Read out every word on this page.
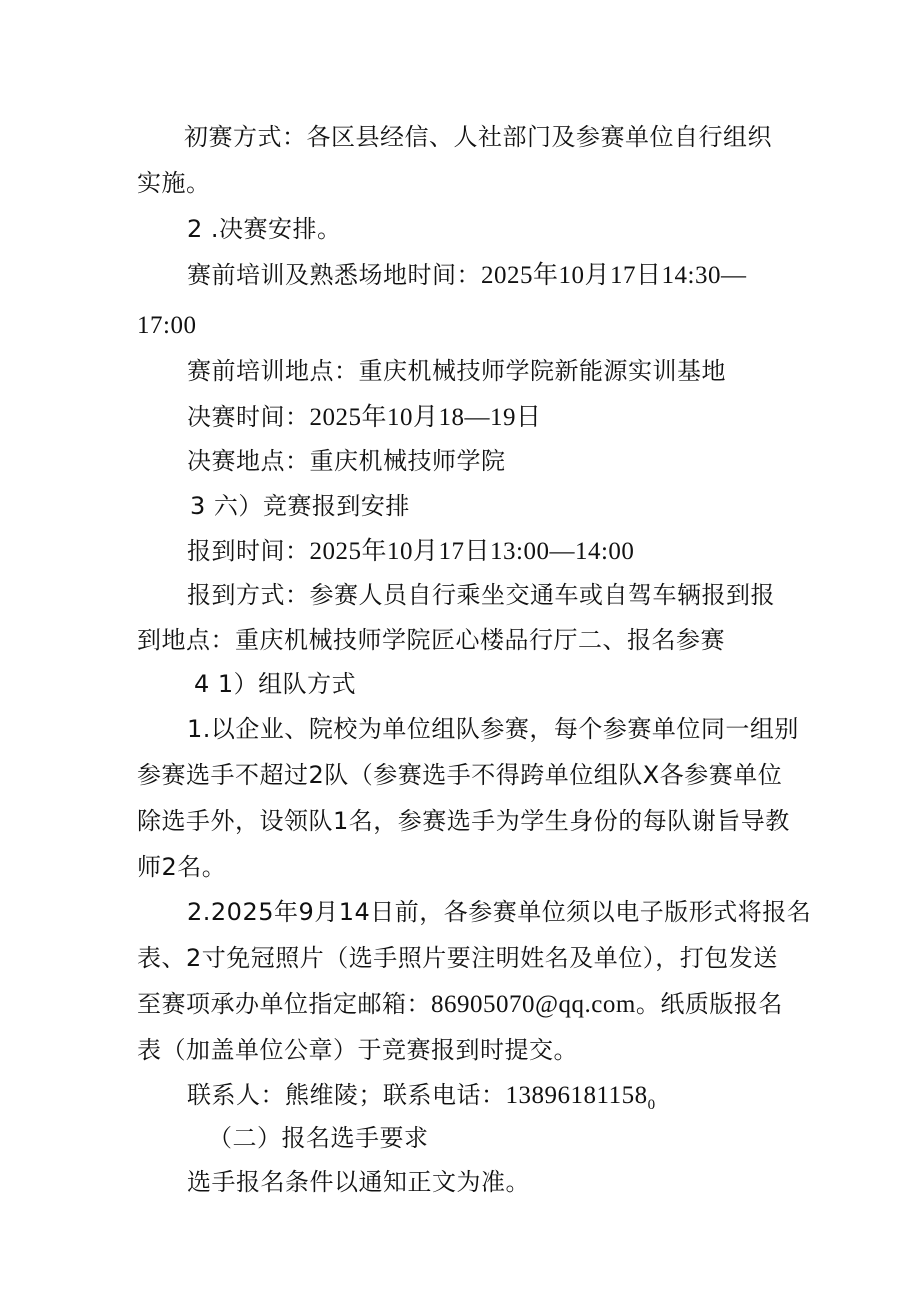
初赛方式：各区县经信、人社部门及参赛单位自行组织
实施。
2 .决赛安排。
赛前培训及熟悉场地时间：2025年10月17日14:30—
17:00
赛前培训地点：重庆机械技师学院新能源实训基地
决赛时间：2025年10月18—19日
决赛地点：重庆机械技师学院
3 六）竞赛报到安排
报到时间：2025年10月17日13:00—14:00
报到方式：参赛人员自行乘坐交通车或自驾车辆报到报
到地点：重庆机械技师学院匠心楼品行厅二、报名参赛
4 1）组队方式
1.以企业、院校为单位组队参赛，每个参赛单位同一组别
参赛选手不超过2队（参赛选手不得跨单位组队X各参赛单位
除选手外，设领队1名，参赛选手为学生身份的每队谢旨导教
师2名。
2.2025年9月14日前，各参赛单位须以电子版形式将报名
表、2寸免冠照片（选手照片要注明姓名及单位），打包发送
至赛项承办单位指定邮箱：86905070@qq.com。纸质版报名
表（加盖单位公章）于竞赛报到时提交。
联系人：熊维陵；联系电话：$13896181158_0$
（二）报名选手要求
选手报名条件以通知正文为准。
